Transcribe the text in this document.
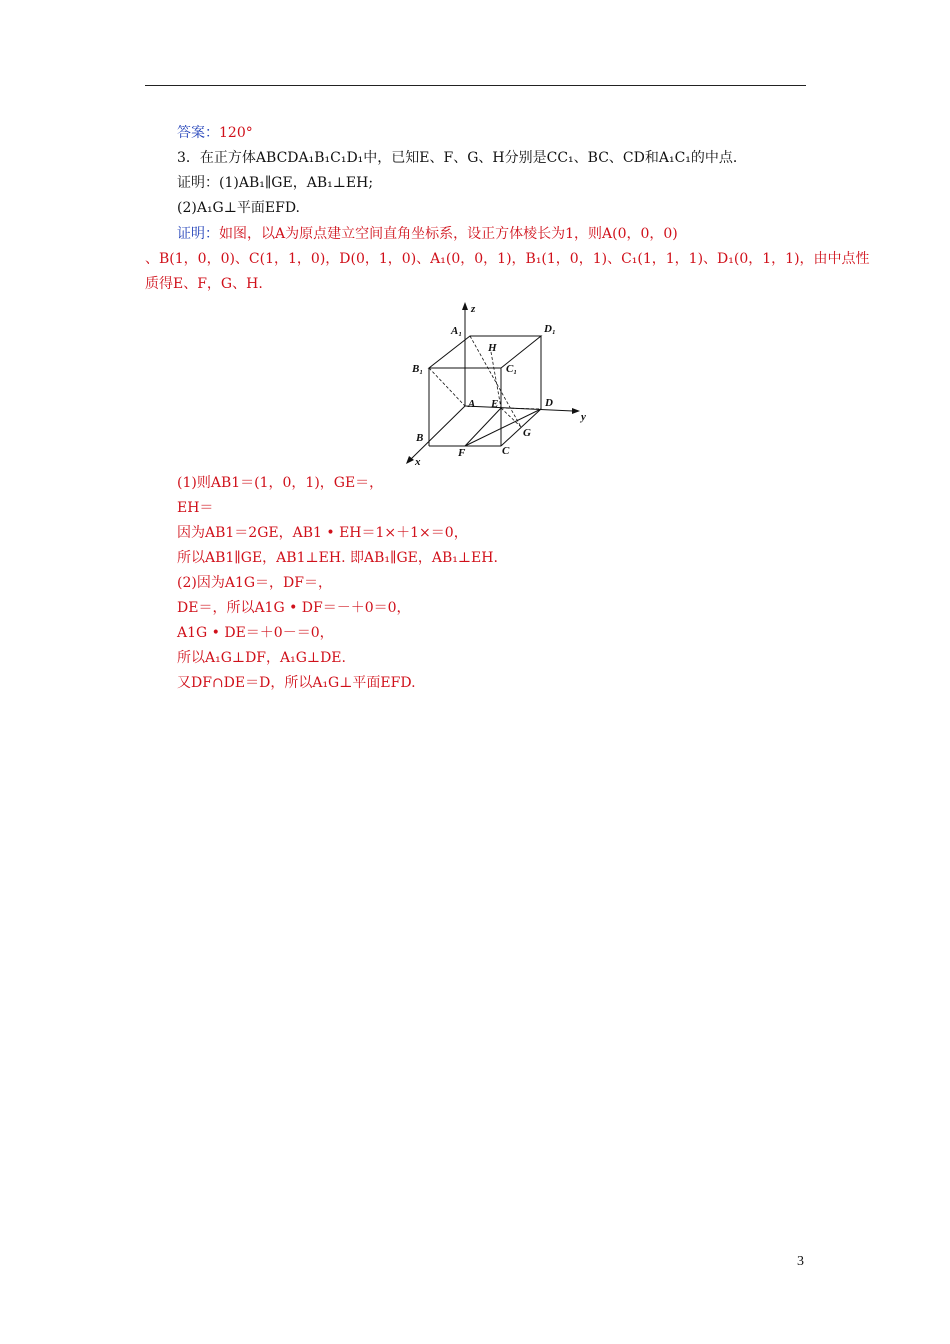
答案：120°
3．在正方体ABCDA₁B₁C₁D₁中，已知E、F、G、H分别是CC₁、BC、CD和A₁C₁的中点．
证明：(1)AB₁∥GE，AB₁⊥EH;
(2)A₁G⊥平面EFD.
证明：如图，以A为原点建立空间直角坐标系，设正方体棱长为1，则A(0，0，0)
、B(1，0，0)、C(1，1，0)，D(0，1，0)、A₁(0，0，1)，B₁(1，0，1)、C₁(1，1，1)、D₁(0，1，1)，由中点性
质得E、F，G、H.
z
y
x
A₁	D₁
B₁	C₁
H
A E	D
B
F	C
G
(1)则AB1＝(1，0，1)，GE＝，
EH＝
因为AB1＝2GE，AB1 • EH＝1×＋1×＝0，
所以AB1∥GE，AB1⊥EH. 即AB₁∥GE，AB₁⊥EH.
(2)因为A1G＝，DF＝，
DE＝，所以A1G • DF＝－＋0＝0，
A1G • DE＝＋0－＝0，
所以A₁G⊥DF，A₁G⊥DE.
又DF∩DE＝D，所以A₁G⊥平面EFD.
3
